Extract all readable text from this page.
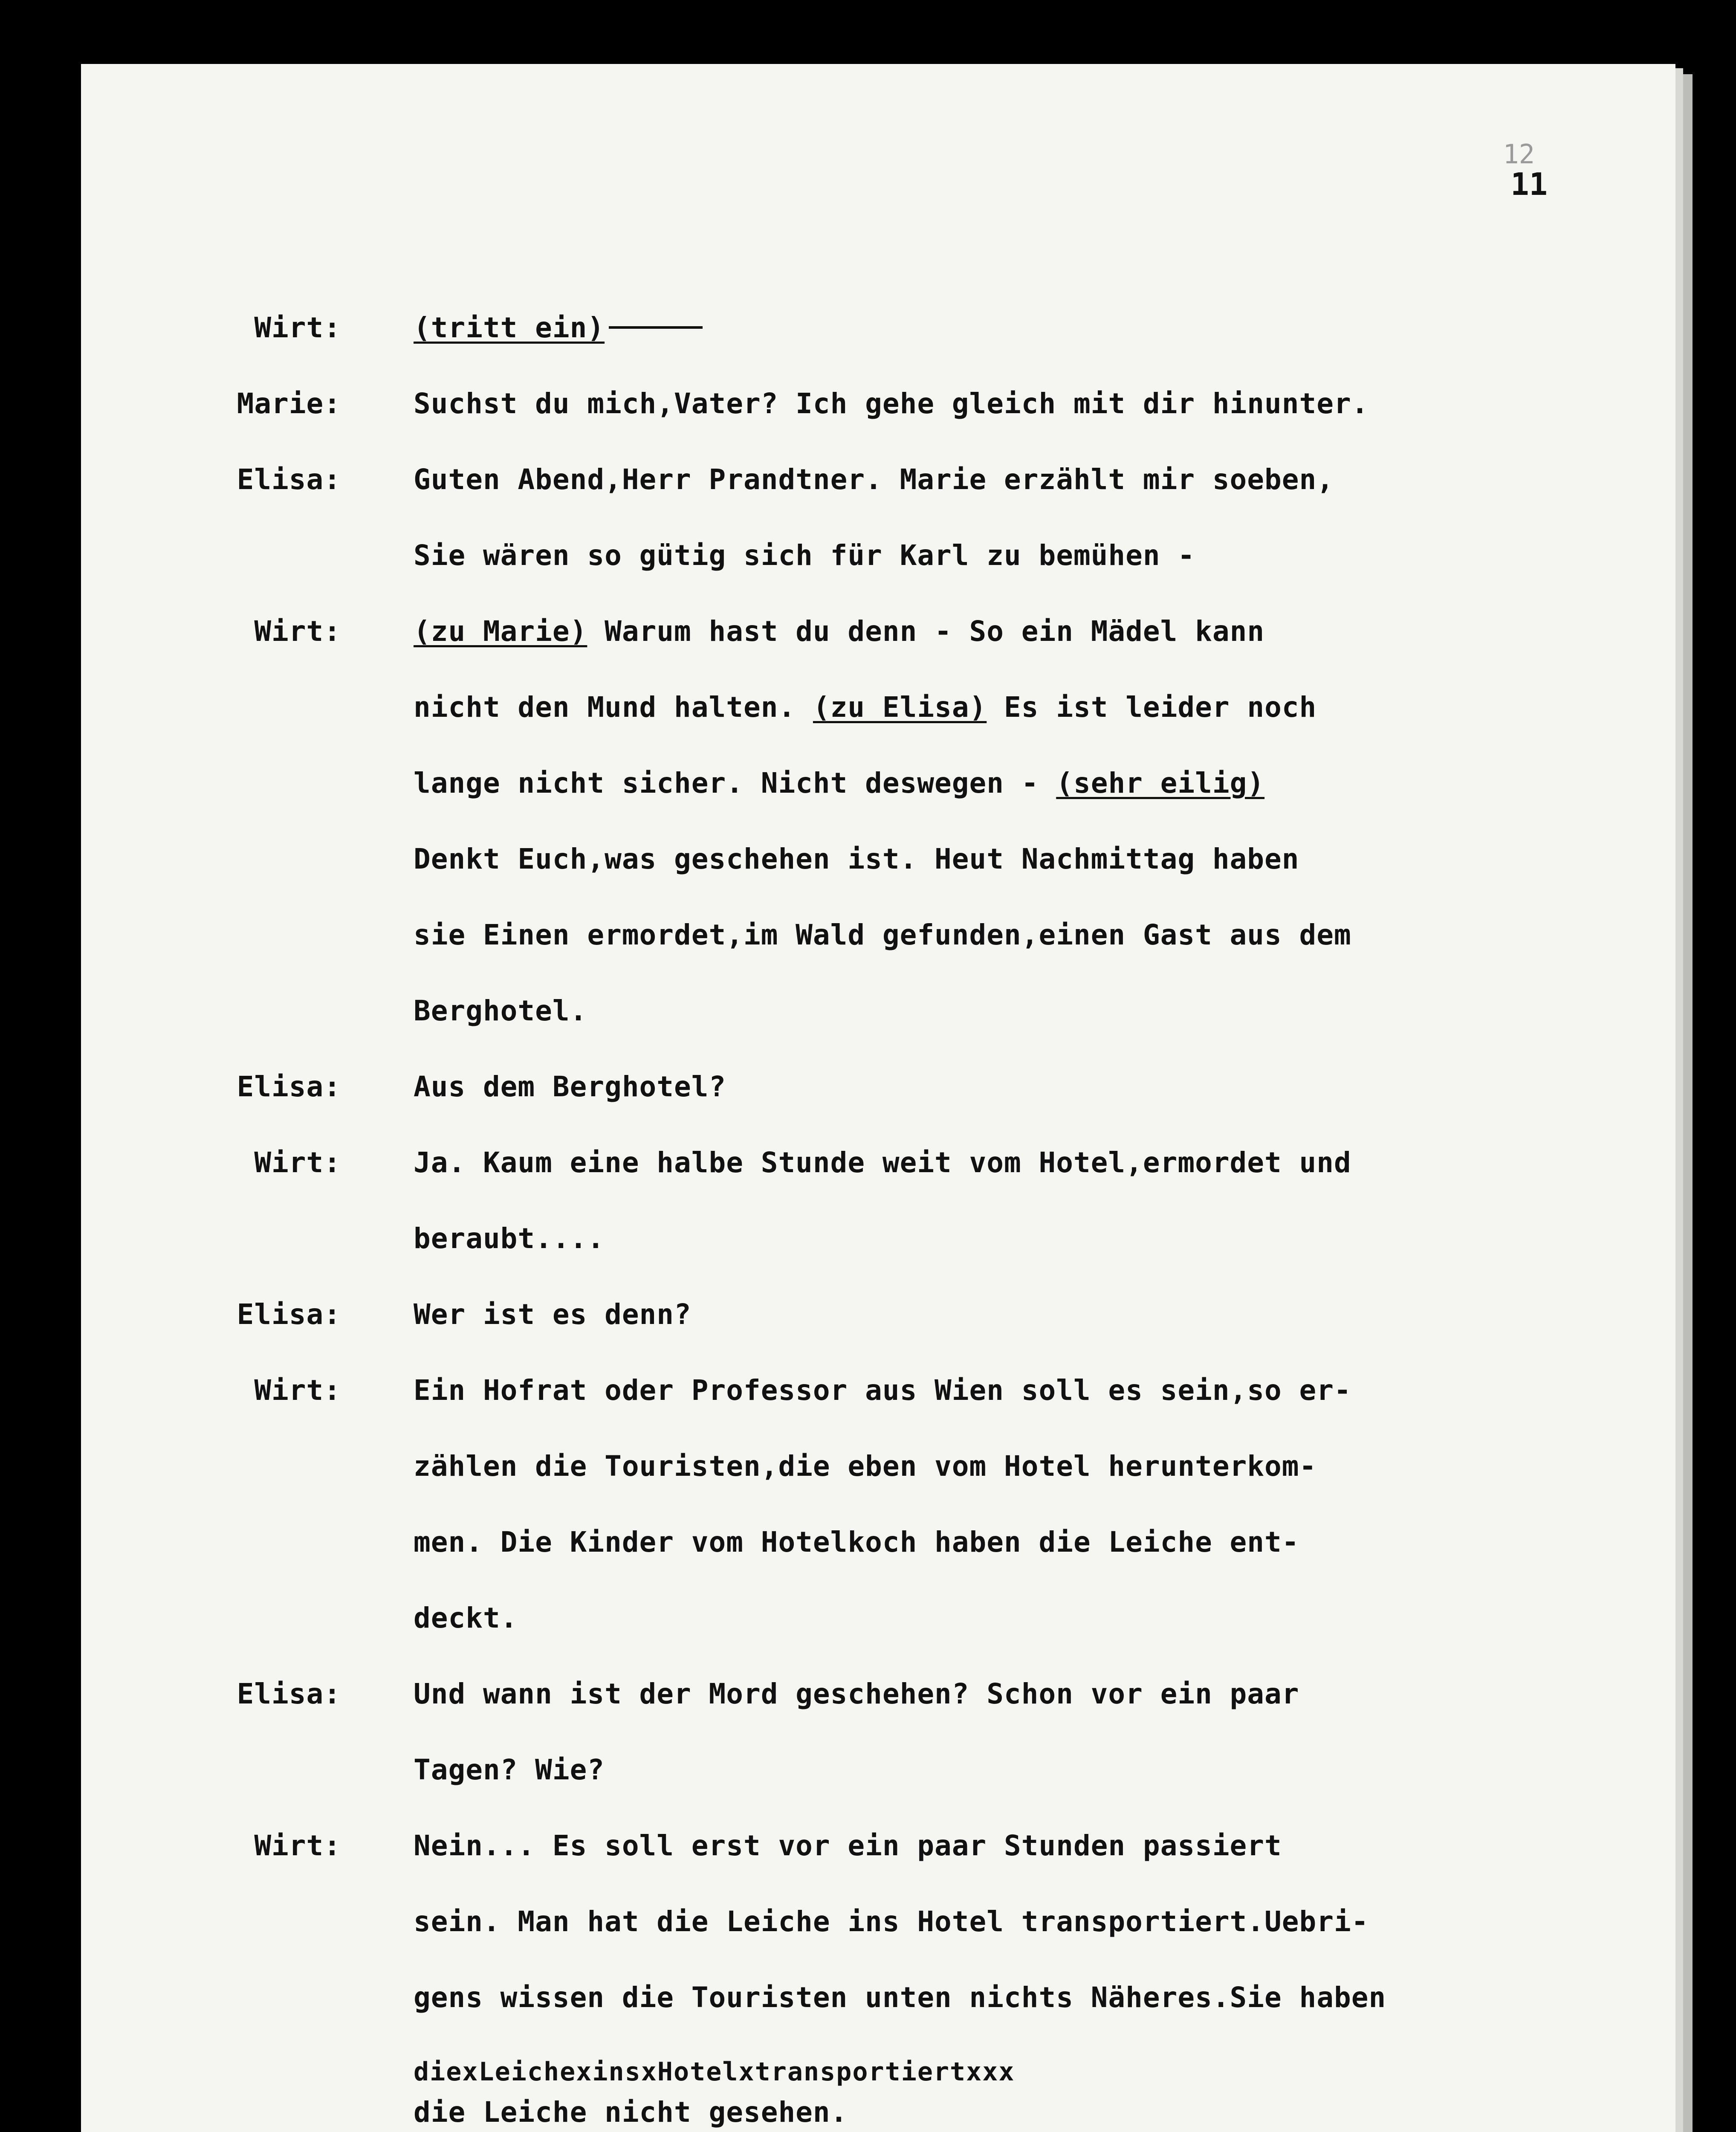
12
11
Wirt:	(tritt ein)
Marie:	Suchst du mich,Vater? Ich gehe gleich mit dir hinunter.
Elisa:	Guten Abend,Herr Prandtner. Marie erzählt mir soeben,
Sie wären so gütig sich für Karl zu bemühen -
Wirt:	(zu Marie) Warum hast du denn - So ein Mädel kann
nicht den Mund halten. (zu Elisa) Es ist leider noch
lange nicht sicher. Nicht deswegen - (sehr eilig)
Denkt Euch,was geschehen ist. Heut Nachmittag haben
sie Einen ermordet,im Wald gefunden,einen Gast aus dem
Berghotel.
Elisa:	Aus dem Berghotel?
Wirt:	Ja. Kaum eine halbe Stunde weit vom Hotel,ermordet und
beraubt....
Elisa:	Wer ist es denn?
Wirt:	Ein Hofrat oder Professor aus Wien soll es sein,so er-
zählen die Touristen,die eben vom Hotel herunterkom-
men. Die Kinder vom Hotelkoch haben die Leiche ent-
deckt.
Elisa:	Und wann ist der Mord geschehen? Schon vor ein paar
Tagen? Wie?
Wirt:	Nein... Es soll erst vor ein paar Stunden passiert
sein. Man hat die Leiche ins Hotel transportiert.Uebri-
gens wissen die Touristen unten nichts Näheres.Sie haben
diexLeichexinsxHotelxtransportiertxxx
die Leiche nicht gesehen.
